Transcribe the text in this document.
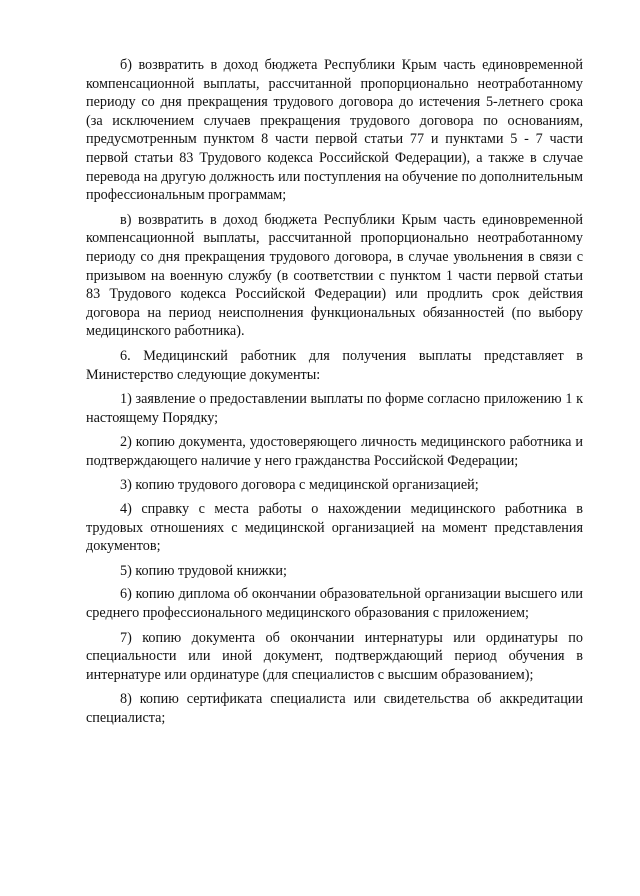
б) возвратить в доход бюджета Республики Крым часть единовременной компенсационной выплаты, рассчитанной пропорционально неотработанному периоду со дня прекращения трудового договора до истечения 5-летнего срока (за исключением случаев прекращения трудового договора по основаниям, предусмотренным пунктом 8 части первой статьи 77 и пунктами 5 - 7 части первой статьи 83 Трудового кодекса Российской Федерации), а также в случае перевода на другую должность или поступления на обучение по дополнительным профессиональным программам;

в) возвратить в доход бюджета Республики Крым часть единовременной компенсационной выплаты, рассчитанной пропорционально неотработанному периоду со дня прекращения трудового договора, в случае увольнения в связи с призывом на военную службу (в соответствии с пунктом 1 части первой статьи 83 Трудового кодекса Российской Федерации) или продлить срок действия договора на период неисполнения функциональных обязанностей (по выбору медицинского работника).

6. Медицинский работник для получения выплаты представляет в Министерство следующие документы:

1) заявление о предоставлении выплаты по форме согласно приложению 1 к настоящему Порядку;

2) копию документа, удостоверяющего личность медицинского работника и подтверждающего наличие у него гражданства Российской Федерации;

3) копию трудового договора с медицинской организацией;

4) справку с места работы о нахождении медицинского работника в трудовых отношениях с медицинской организацией на момент представления документов;

5) копию трудовой книжки;

6) копию диплома об окончании образовательной организации высшего или среднего профессионального медицинского образования с приложением;

7) копию документа об окончании интернатуры или ординатуры по специальности или иной документ, подтверждающий период обучения в интернатуре или ординатуре (для специалистов с высшим образованием);

8) копию сертификата специалиста или свидетельства об аккредитации специалиста;
